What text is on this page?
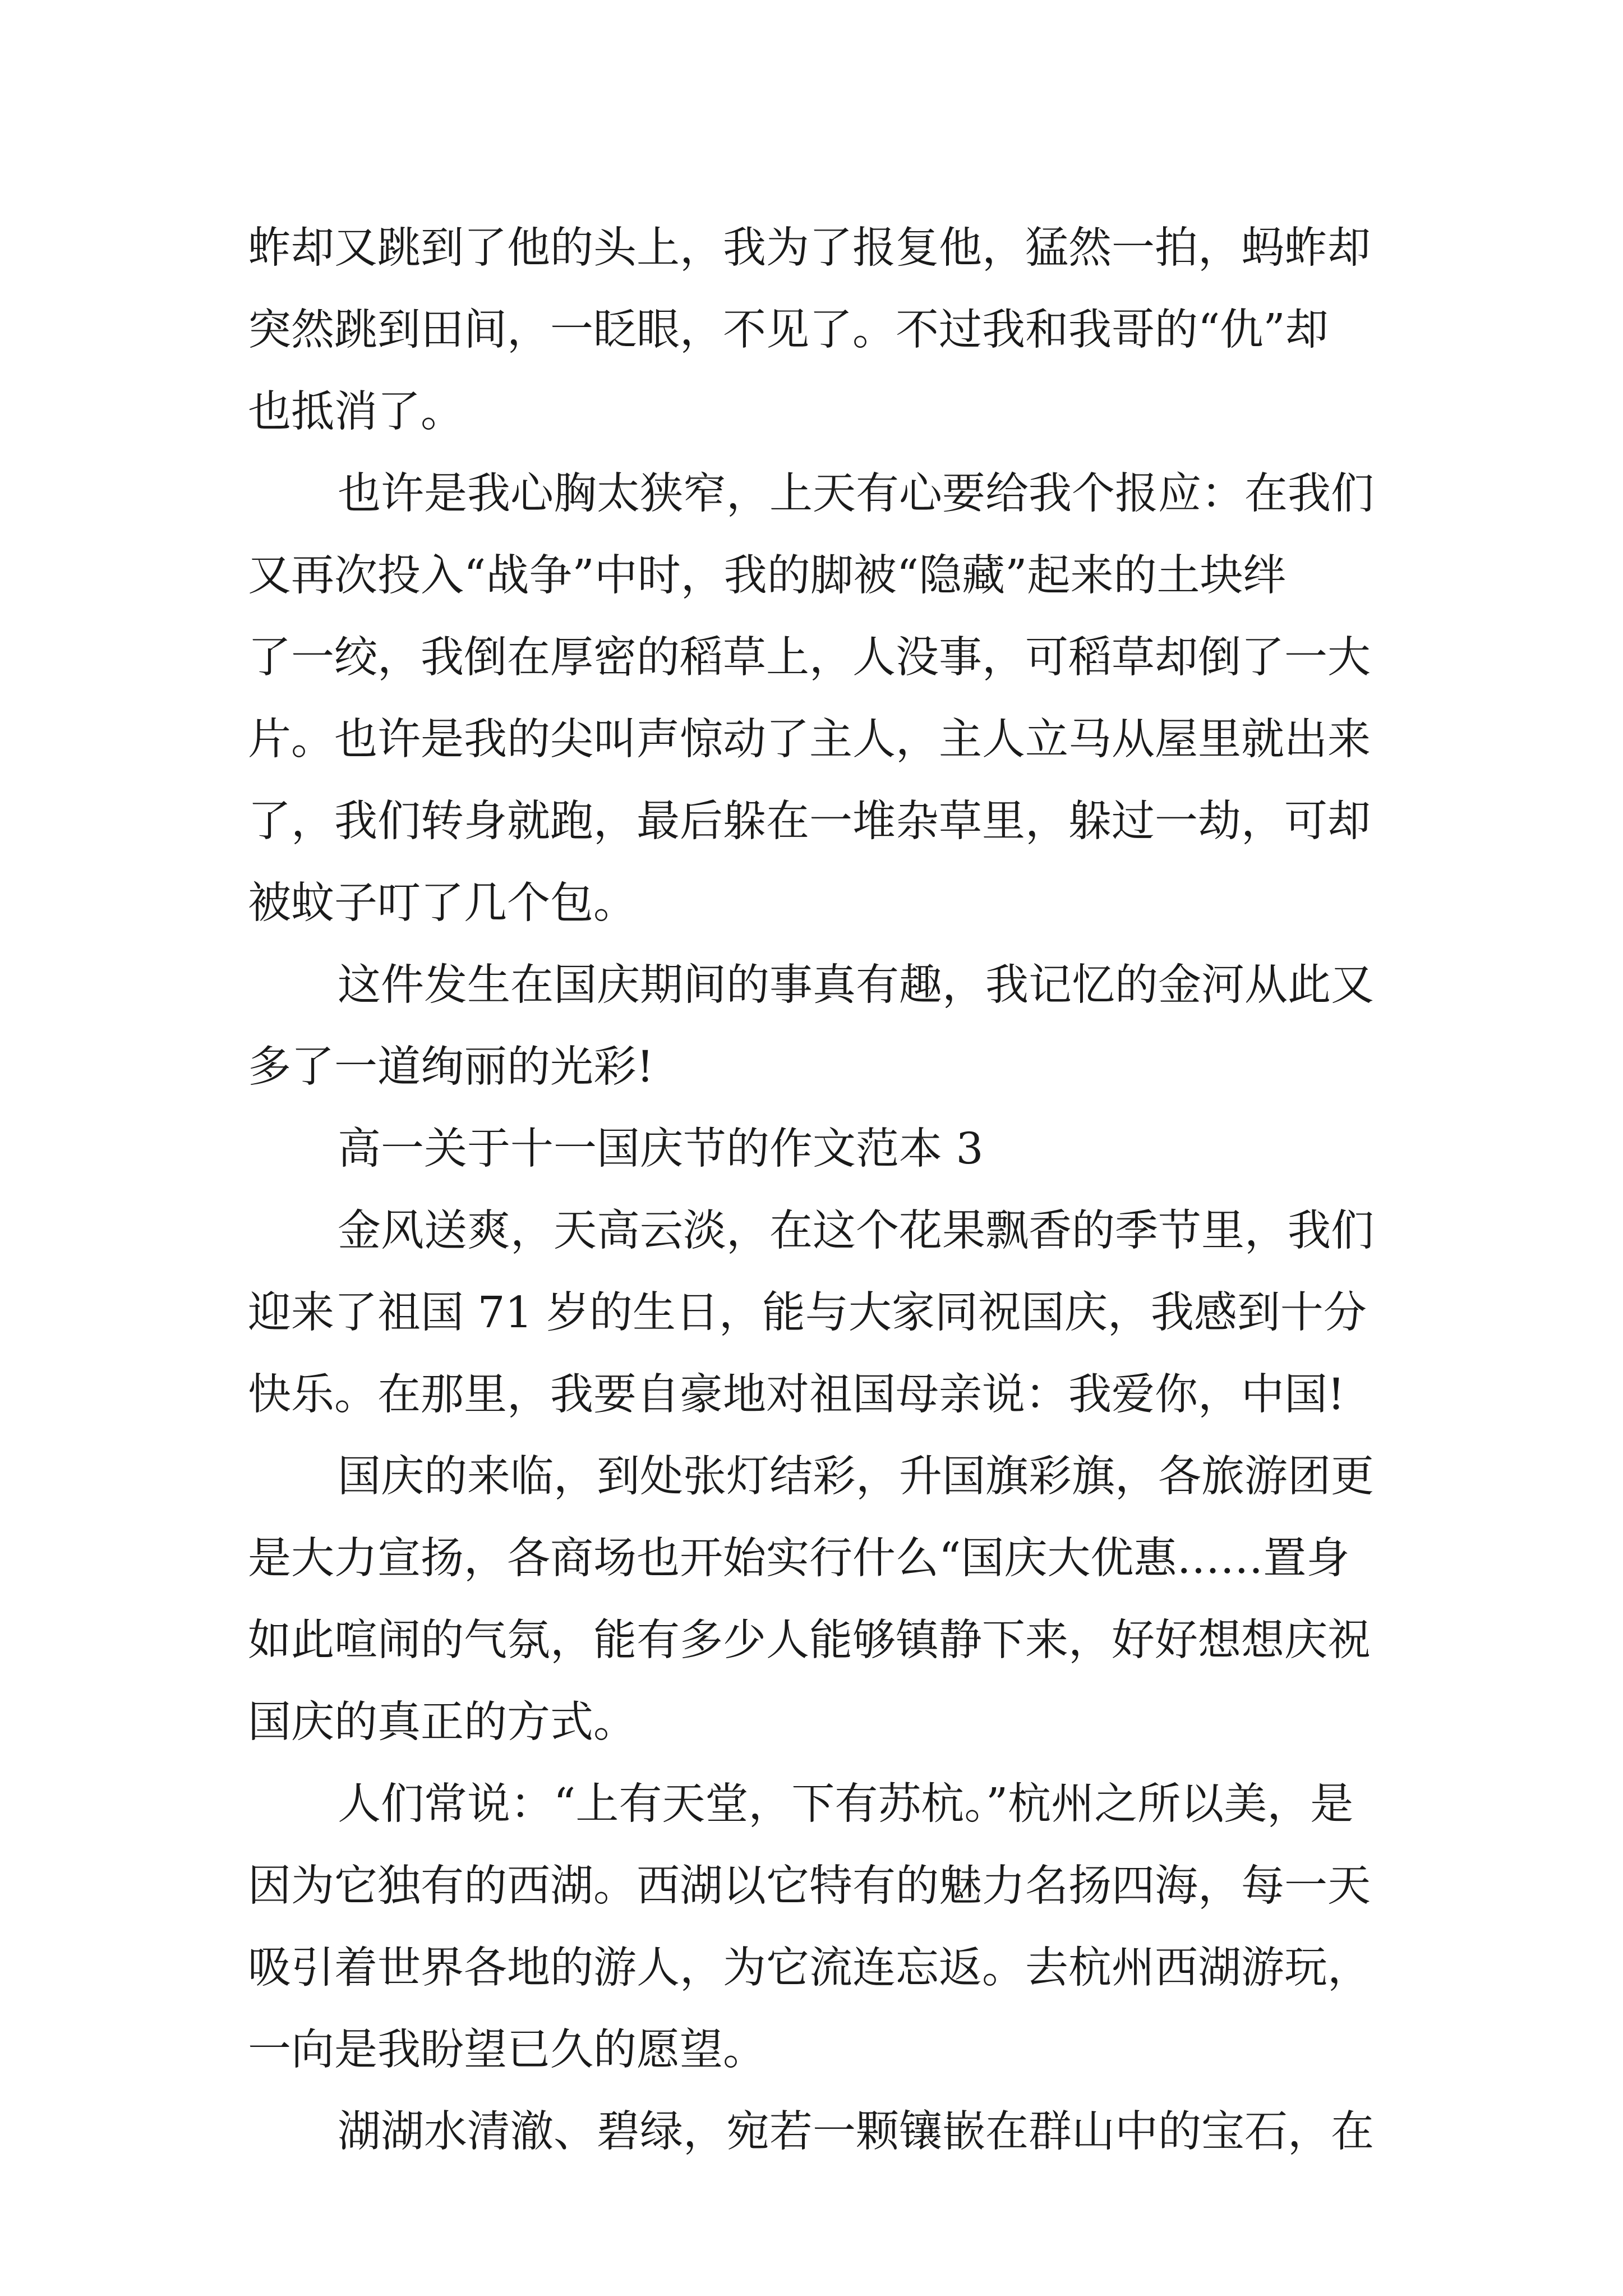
蚱却又跳到了他的头上，我为了报复他，猛然一拍，蚂蚱却
突然跳到田间，一眨眼，不见了。不过我和我哥的“仇”却
也抵消了。
也许是我心胸太狭窄，上天有心要给我个报应：在我们
又再次投入“战争”中时，我的脚被“隐藏”起来的土块绊
了一绞，我倒在厚密的稻草上，人没事，可稻草却倒了一大
片。也许是我的尖叫声惊动了主人，主人立马从屋里就出来
了，我们转身就跑，最后躲在一堆杂草里，躲过一劫，可却
被蚊子叮了几个包。
这件发生在国庆期间的事真有趣，我记忆的金河从此又
多了一道绚丽的光彩!
高一关于十一国庆节的作文范本 3
金风送爽，天高云淡，在这个花果飘香的季节里，我们
迎来了祖国 71 岁的生日，能与大家同祝国庆，我感到十分
快乐。在那里，我要自豪地对祖国母亲说：我爱你，中国!
国庆的来临，到处张灯结彩，升国旗彩旗，各旅游团更
是大力宣扬，各商场也开始实行什么“国庆大优惠……置身
如此喧闹的气氛，能有多少人能够镇静下来，好好想想庆祝
国庆的真正的方式。
人们常说：“上有天堂，下有苏杭。”杭州之所以美，是
因为它独有的西湖。西湖以它特有的魅力名扬四海，每一天
吸引着世界各地的游人，为它流连忘返。去杭州西湖游玩，
一向是我盼望已久的愿望。
湖湖水清澈、碧绿，宛若一颗镶嵌在群山中的宝石，在
